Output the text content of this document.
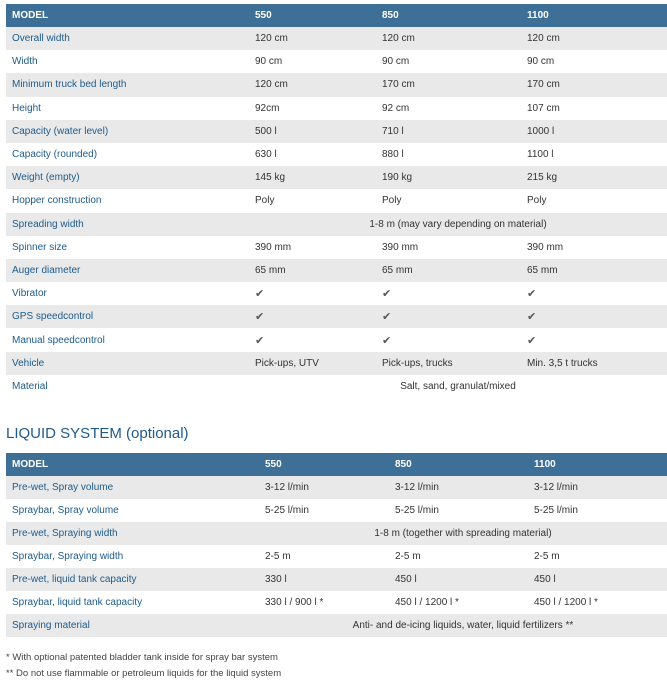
MODEL	550	850	1100
Overall width	120 cm	120 cm	120 cm
Width	90 cm	90 cm	90 cm
Minimum truck bed length	120 cm	170 cm	170 cm
Height	92cm	92 cm	107 cm
Capacity (water level)	500 l	710 l	1000 l
Capacity (rounded)	630 l	880 l	1100 l
Weight (empty)	145 kg	190 kg	215 kg
Hopper construction	Poly	Poly	Poly
Spreading width	1-8 m (may vary depending on material)		
Spinner size	390 mm	390 mm	390 mm
Auger diameter	65 mm	65 mm	65 mm
Vibrator	✔	✔	✔
GPS speedcontrol	✔	✔	✔
Manual speedcontrol	✔	✔	✔
Vehicle	Pick-ups, UTV	Pick-ups, trucks	Min. 3,5 t trucks
Material	Salt, sand, granulat/mixed		
LIQUID SYSTEM (optional)
MODEL	550	850	1100
Pre-wet, Spray volume	3-12 l/min	3-12 l/min	3-12 l/min
Spraybar, Spray volume	5-25 l/min	5-25 l/min	5-25 l/min
Pre-wet, Spraying width	1-8 m (together with spreading material)		
Spraybar, Spraying width	2-5 m	2-5 m	2-5 m
Pre-wet, liquid tank capacity	330 l	450 l	450 l
Spraybar, liquid tank capacity	330 l / 900 l *	450 l / 1200 l *	450 l / 1200 l *
Spraying material	Anti- and de-icing liquids, water, liquid fertilizers **		
* With optional patented bladder tank inside for spray bar system
** Do not use flammable or petroleum liquids for the liquid system
